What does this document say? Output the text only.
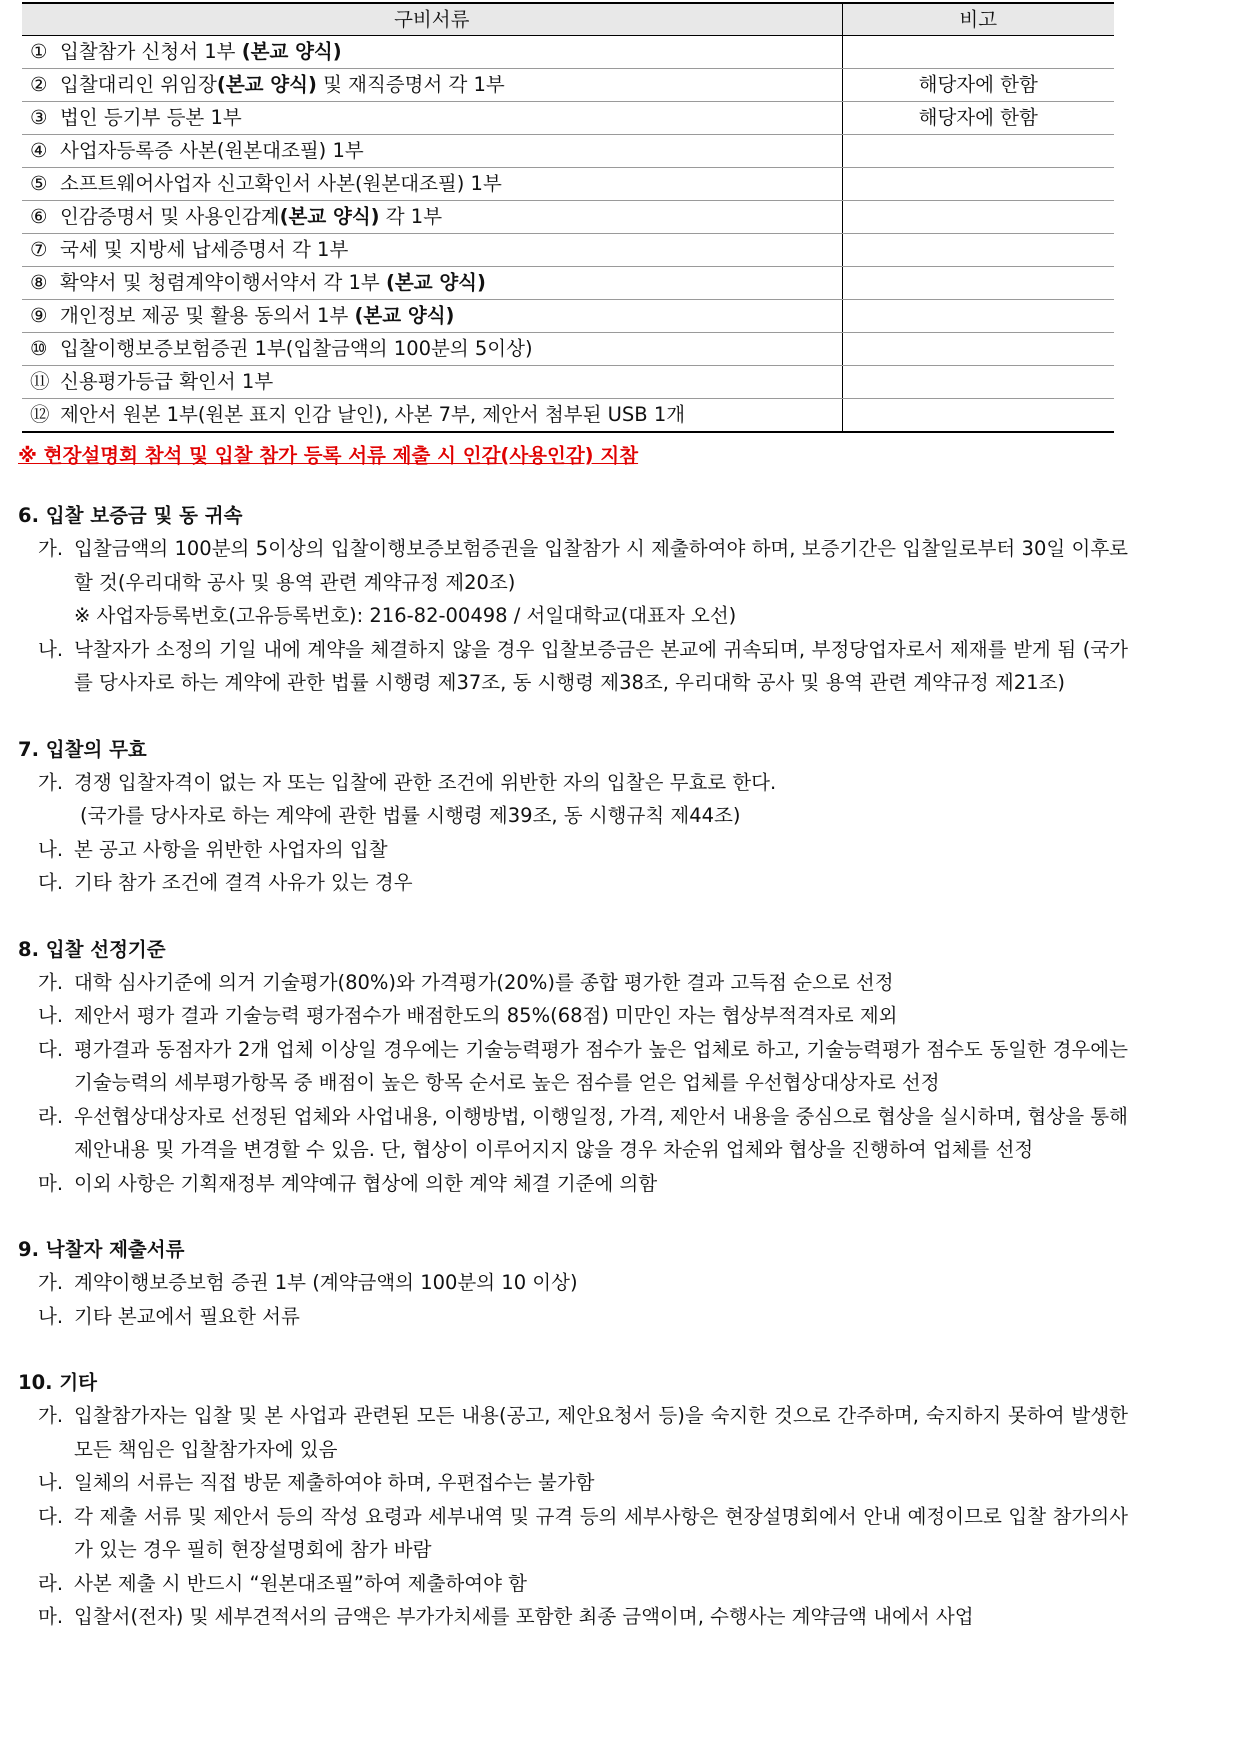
구비서류	비고
① 입찰참가 신청서 1부 (본교 양식)	
② 입찰대리인 위임장(본교 양식) 및 재직증명서 각 1부	해당자에 한함
③ 법인 등기부 등본 1부	해당자에 한함
④ 사업자등록증 사본(원본대조필) 1부	
⑤ 소프트웨어사업자 신고확인서 사본(원본대조필) 1부	
⑥ 인감증명서 및 사용인감계(본교 양식) 각 1부	
⑦ 국세 및 지방세 납세증명서 각 1부	
⑧ 확약서 및 청렴계약이행서약서 각 1부 (본교 양식)	
⑨ 개인정보 제공 및 활용 동의서 1부 (본교 양식)	
⑩ 입찰이행보증보험증권 1부(입찰금액의 100분의 5이상)	
⑪ 신용평가등급 확인서 1부	
⑫ 제안서 원본 1부(원본 표지 인감 날인), 사본 7부, 제안서 첨부된 USB 1개	
※ 현장설명회 참석 및 입찰 참가 등록 서류 제출 시 인감(사용인감) 지참
6. 입찰 보증금 및 동 귀속
가. 입찰금액의 100분의 5이상의 입찰이행보증보험증권을 입찰참가 시 제출하여야 하며, 보증기간은 입찰일로부터 30일 이후로 할 것(우리대학 공사 및 용역 관련 계약규정 제20조)
※ 사업자등록번호(고유등록번호): 216-82-00498 / 서일대학교(대표자 오선)
나. 낙찰자가 소정의 기일 내에 계약을 체결하지 않을 경우 입찰보증금은 본교에 귀속되며, 부정당업자로서 제재를 받게 됨 (국가를 당사자로 하는 계약에 관한 법률 시행령 제37조, 동 시행령 제38조, 우리대학 공사 및 용역 관련 계약규정 제21조)
7. 입찰의 무효
가. 경쟁 입찰자격이 없는 자 또는 입찰에 관한 조건에 위반한 자의 입찰은 무효로 한다.
(국가를 당사자로 하는 계약에 관한 법률 시행령 제39조, 동 시행규칙 제44조)
나. 본 공고 사항을 위반한 사업자의 입찰
다. 기타 참가 조건에 결격 사유가 있는 경우
8. 입찰 선정기준
가. 대학 심사기준에 의거 기술평가(80%)와 가격평가(20%)를 종합 평가한 결과 고득점 순으로 선정
나. 제안서 평가 결과 기술능력 평가점수가 배점한도의 85%(68점) 미만인 자는 협상부적격자로 제외
다. 평가결과 동점자가 2개 업체 이상일 경우에는 기술능력평가 점수가 높은 업체로 하고, 기술능력평가 점수도 동일한 경우에는 기술능력의 세부평가항목 중 배점이 높은 항목 순서로 높은 점수를 얻은 업체를 우선협상대상자로 선정
라. 우선협상대상자로 선정된 업체와 사업내용, 이행방법, 이행일정, 가격, 제안서 내용을 중심으로 협상을 실시하며, 협상을 통해 제안내용 및 가격을 변경할 수 있음. 단, 협상이 이루어지지 않을 경우 차순위 업체와 협상을 진행하여 업체를 선정
마. 이외 사항은 기획재정부 계약예규 협상에 의한 계약 체결 기준에 의함
9. 낙찰자 제출서류
가. 계약이행보증보험 증권 1부 (계약금액의 100분의 10 이상)
나. 기타 본교에서 필요한 서류
10. 기타
가. 입찰참가자는 입찰 및 본 사업과 관련된 모든 내용(공고, 제안요청서 등)을 숙지한 것으로 간주하며, 숙지하지 못하여 발생한 모든 책임은 입찰참가자에 있음
나. 일체의 서류는 직접 방문 제출하여야 하며, 우편접수는 불가함
다. 각 제출 서류 및 제안서 등의 작성 요령과 세부내역 및 규격 등의 세부사항은 현장설명회에서 안내 예정이므로 입찰 참가의사가 있는 경우 필히 현장설명회에 참가 바람
라. 사본 제출 시 반드시 “원본대조필”하여 제출하여야 함
마. 입찰서(전자) 및 세부견적서의 금액은 부가가치세를 포함한 최종 금액이며, 수행사는 계약금액 내에서 사업
